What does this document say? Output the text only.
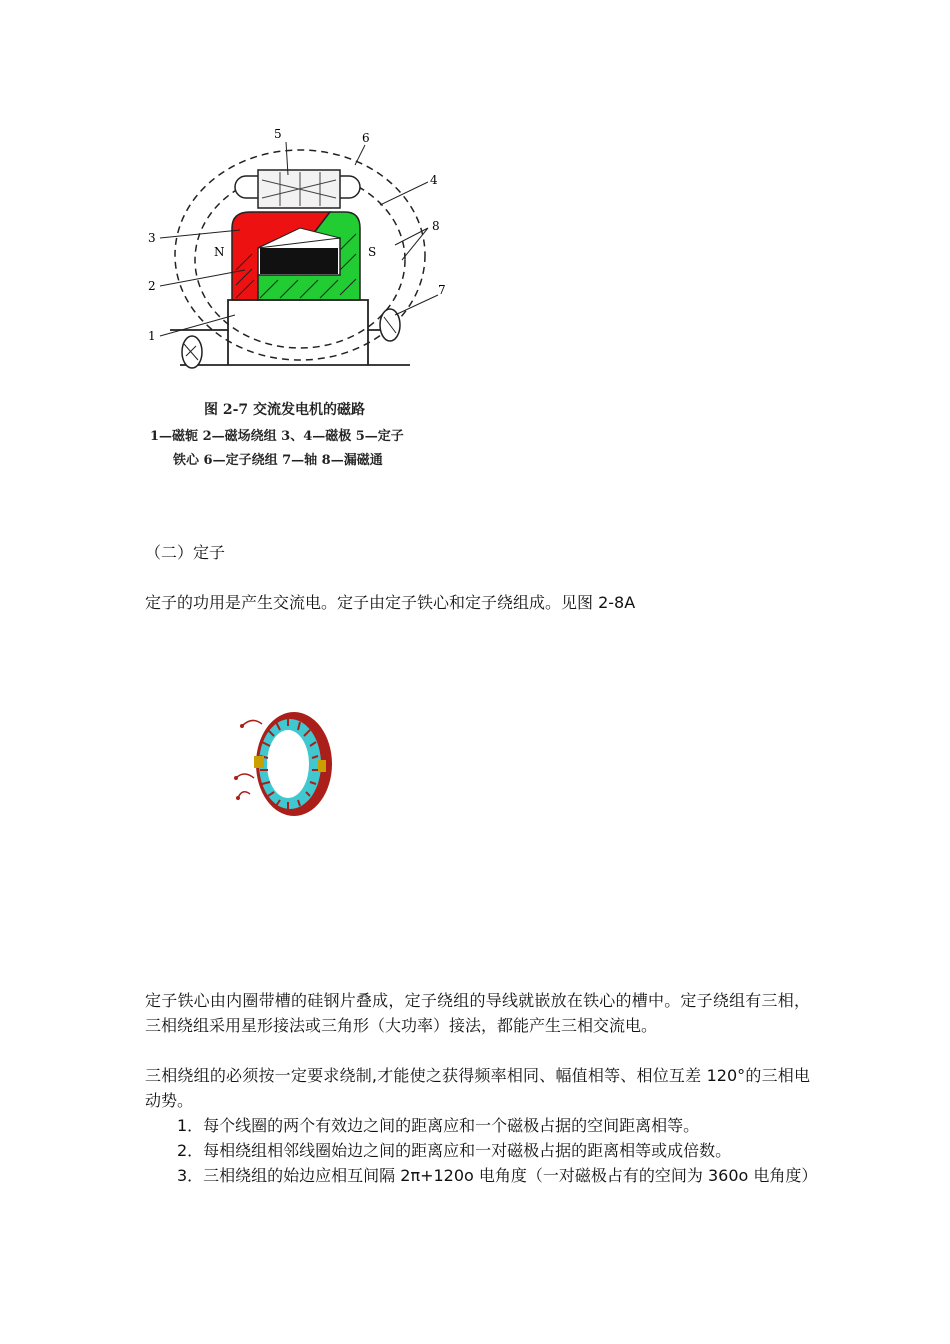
5	6
4
8
3
2
1
7
N	S
图 2-7 交流发电机的磁路
1—磁轭 2—磁场绕组 3、4—磁极 5—定子
铁心 6—定子绕组 7—轴 8—漏磁通
（二）定子
定子的功用是产生交流电。定子由定子铁心和定子绕组成。见图 2-8A
定子铁心由内圈带槽的硅钢片叠成，定子绕组的导线就嵌放在铁心的槽中。定子绕组有三相，三相绕组采用星形接法或三角形（大功率）接法，都能产生三相交流电。
三相绕组的必须按一定要求绕制,才能使之获得频率相同、幅值相等、相位互差 120°的三相电动势。
1．每个线圈的两个有效边之间的距离应和一个磁极占据的空间距离相等。
2．每相绕组相邻线圈始边之间的距离应和一对磁极占据的距离相等或成倍数。
3．三相绕组的始边应相互间隔 2π+120o 电角度（一对磁极占有的空间为 360o 电角度）
